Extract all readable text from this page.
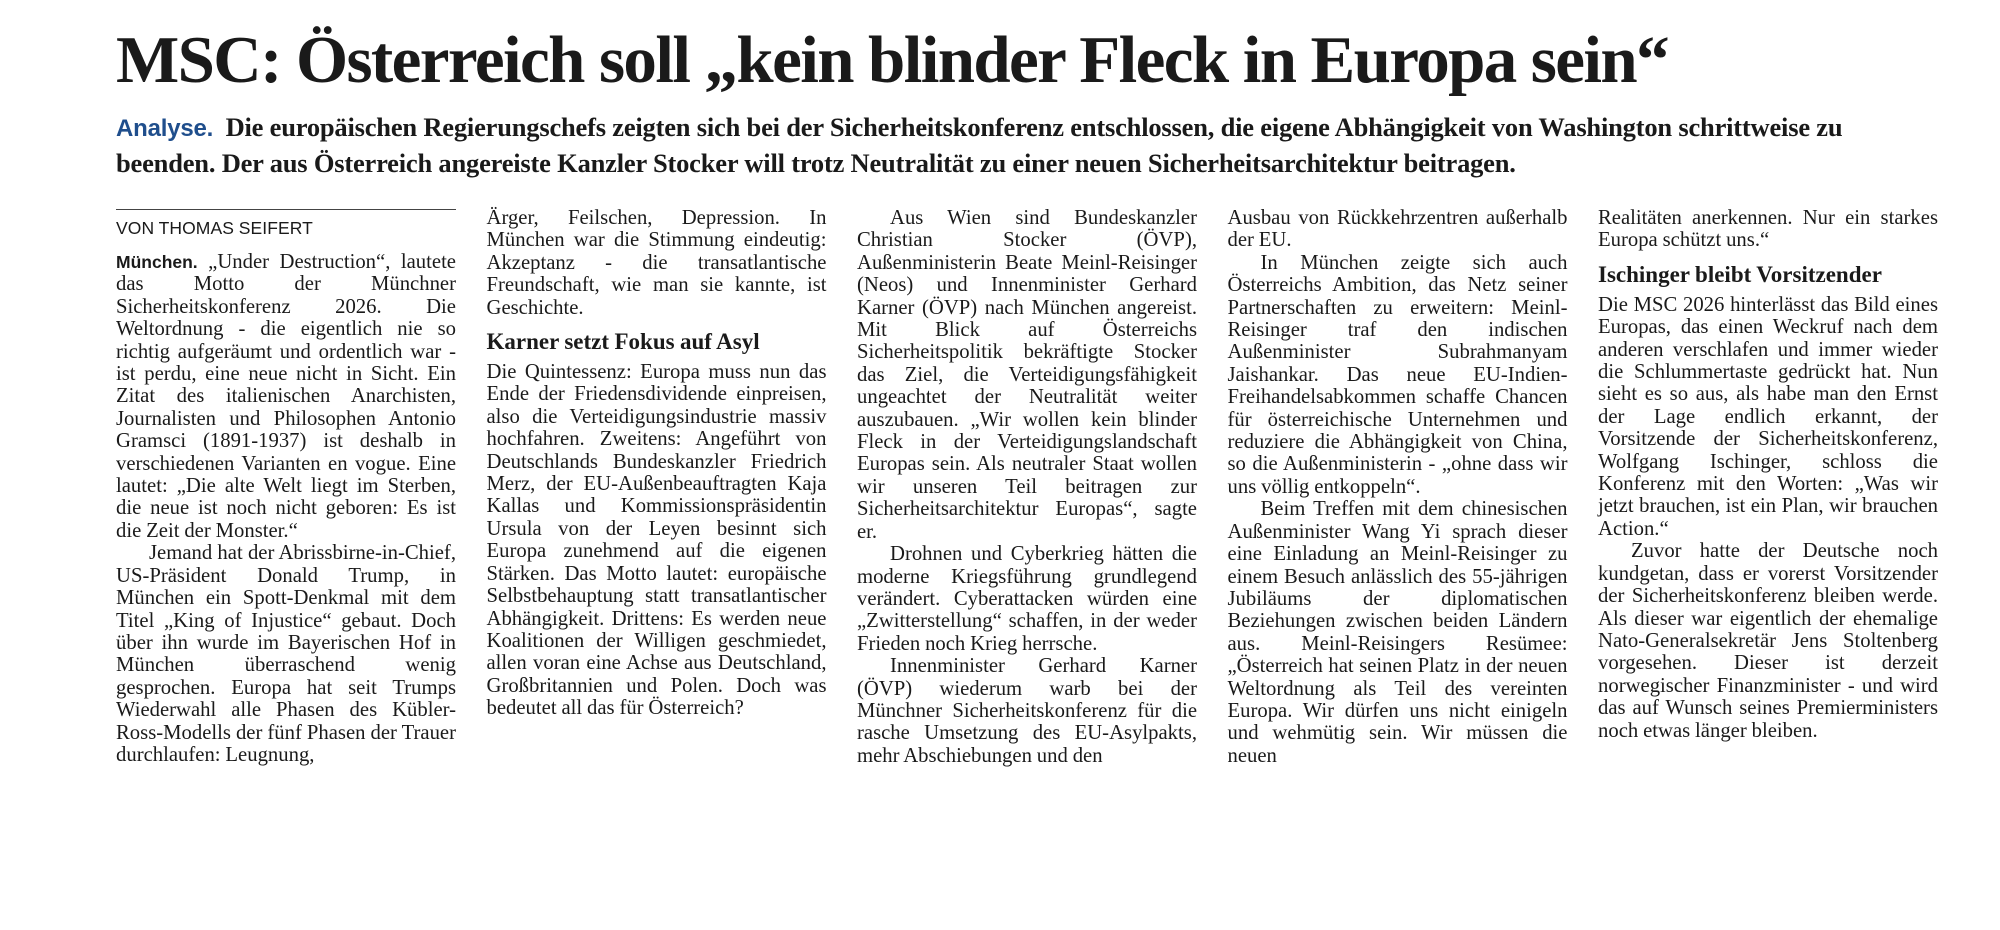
MSC: Österreich soll „kein blinder Fleck in Europa sein“

Analyse. Die europäischen Regierungschefs zeigten sich bei der Sicherheitskonferenz entschlossen, die eigene Abhängigkeit von Washington schrittweise zu beenden. Der aus Österreich angereiste Kanzler Stocker will trotz Neutralität zu einer neuen Sicherheitsarchitektur beitragen.

VON THOMAS SEIFERT

München. „Under Destruction“, lautete das Motto der Münchner Sicherheitskonferenz 2026. Die Weltordnung - die eigentlich nie so richtig aufgeräumt und ordentlich war - ist perdu, eine neue nicht in Sicht. Ein Zitat des italienischen Anarchisten, Journalisten und Philosophen Antonio Gramsci (1891-1937) ist deshalb in verschiedenen Varianten en vogue. Eine lautet: „Die alte Welt liegt im Sterben, die neue ist noch nicht geboren: Es ist die Zeit der Monster.“

Jemand hat der Abrissbirne-in-Chief, US-Präsident Donald Trump, in München ein Spott-Denkmal mit dem Titel „King of Injustice“ gebaut. Doch über ihn wurde im Bayerischen Hof in München überraschend wenig gesprochen. Europa hat seit Trumps Wiederwahl alle Phasen des Kübler-Ross-Modells der fünf Phasen der Trauer durchlaufen: Leugnung,

Ärger, Feilschen, Depression. In München war die Stimmung eindeutig: Akzeptanz - die transatlantische Freundschaft, wie man sie kannte, ist Geschichte.

Karner setzt Fokus auf Asyl

Die Quintessenz: Europa muss nun das Ende der Friedensdividende einpreisen, also die Verteidigungsindustrie massiv hochfahren. Zweitens: Angeführt von Deutschlands Bundeskanzler Friedrich Merz, der EU-Außenbeauftragten Kaja Kallas und Kommissionspräsidentin Ursula von der Leyen besinnt sich Europa zunehmend auf die eigenen Stärken. Das Motto lautet: europäische Selbstbehauptung statt transatlantischer Abhängigkeit. Drittens: Es werden neue Koalitionen der Willigen geschmiedet, allen voran eine Achse aus Deutschland, Großbritannien und Polen. Doch was bedeutet all das für Österreich?

Aus Wien sind Bundeskanzler Christian Stocker (ÖVP), Außenministerin Beate Meinl-Reisinger (Neos) und Innenminister Gerhard Karner (ÖVP) nach München angereist. Mit Blick auf Österreichs Sicherheitspolitik bekräftigte Stocker das Ziel, die Verteidigungsfähigkeit ungeachtet der Neutralität weiter auszubauen. „Wir wollen kein blinder Fleck in der Verteidigungslandschaft Europas sein. Als neutraler Staat wollen wir unseren Teil beitragen zur Sicherheitsarchitektur Europas“, sagte er.

Drohnen und Cyberkrieg hätten die moderne Kriegsführung grundlegend verändert. Cyberattacken würden eine „Zwitterstellung“ schaffen, in der weder Frieden noch Krieg herrsche.

Innenminister Gerhard Karner (ÖVP) wiederum warb bei der Münchner Sicherheitskonferenz für die rasche Umsetzung des EU-Asylpakts, mehr Abschiebungen und den

Ausbau von Rückkehrzentren außerhalb der EU.

In München zeigte sich auch Österreichs Ambition, das Netz seiner Partnerschaften zu erweitern: Meinl-Reisinger traf den indischen Außenminister Subrahmanyam Jaishankar. Das neue EU-Indien-Freihandelsabkommen schaffe Chancen für österreichische Unternehmen und reduziere die Abhängigkeit von China, so die Außenministerin - „ohne dass wir uns völlig entkoppeln“.

Beim Treffen mit dem chinesischen Außenminister Wang Yi sprach dieser eine Einladung an Meinl-Reisinger zu einem Besuch anlässlich des 55-jährigen Jubiläums der diplomatischen Beziehungen zwischen beiden Ländern aus. Meinl-Reisingers Resümee: „Österreich hat seinen Platz in der neuen Weltordnung als Teil des vereinten Europa. Wir dürfen uns nicht einigeln und wehmütig sein. Wir müssen die neuen

Realitäten anerkennen. Nur ein starkes Europa schützt uns.“

Ischinger bleibt Vorsitzender

Die MSC 2026 hinterlässt das Bild eines Europas, das einen Weckruf nach dem anderen verschlafen und immer wieder die Schlummertaste gedrückt hat. Nun sieht es so aus, als habe man den Ernst der Lage endlich erkannt, der Vorsitzende der Sicherheitskonferenz, Wolfgang Ischinger, schloss die Konferenz mit den Worten: „Was wir jetzt brauchen, ist ein Plan, wir brauchen Action.“

Zuvor hatte der Deutsche noch kundgetan, dass er vorerst Vorsitzender der Sicherheitskonferenz bleiben werde. Als dieser war eigentlich der ehemalige Nato-Generalsekretär Jens Stoltenberg vorgesehen. Dieser ist derzeit norwegischer Finanzminister - und wird das auf Wunsch seines Premierministers noch etwas länger bleiben.
